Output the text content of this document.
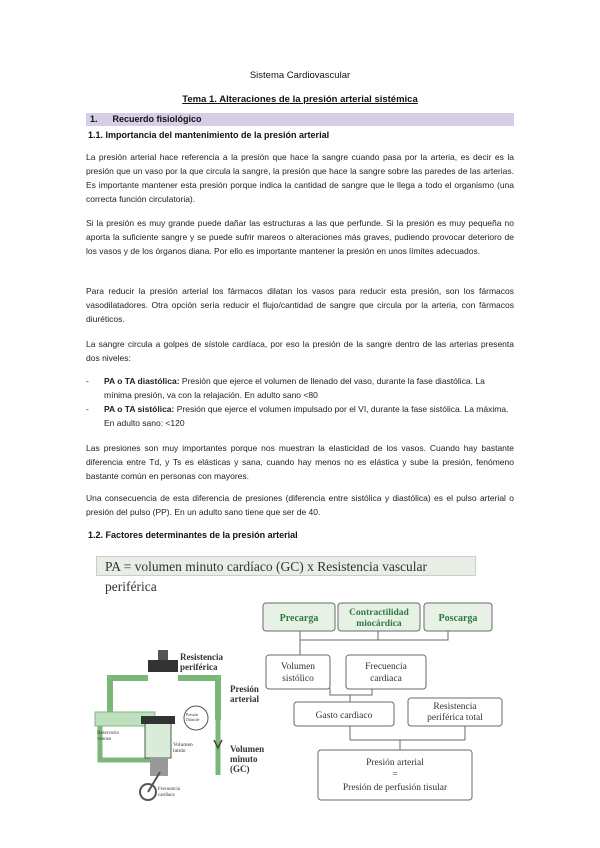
Sistema Cardiovascular
Tema 1. Alteraciones de la presión arterial sistémica
1. Recuerdo fisiológico
1.1. Importancia del mantenimiento de la presión arterial
La presión arterial hace referencia a la presión que hace la sangre cuando pasa por la arteria, es decir es la presión que un vaso por la que circula la sangre, la presión que hace la sangre sobre las paredes de las arterias. Es importante mantener esta presión porque indica la cantidad de sangre que le llega a todo el organismo (una correcta función circulatoria).
Si la presión es muy grande puede dañar las estructuras a las que perfunde. Si la presión es muy pequeña no aporta la suficiente sangre y se puede sufrir mareos o alteraciones más graves, pudiendo provocar deterioro de los vasos y de los órganos diana. Por ello es importante mantener la presión en unos límites adecuados.
Para reducir la presión arterial los fármacos dilatan los vasos para reducir esta presión, son los fármacos vasodilatadores. Otra opción sería reducir el flujo/cantidad de sangre que circula por la arteria, con fármacos diuréticos.
La sangre circula a golpes de sístole cardíaca, por eso la presión de la sangre dentro de las arterias presenta dos niveles:
- PA o TA diastólica: Presión que ejerce el volumen de llenado del vaso, durante la fase diastólica. La mínima presión, va con la relajación. En adulto sano <80
- PA o TA sistólica: Presión que ejerce el volumen impulsado por el VI, durante la fase sistólica. La máxima. En adulto sano: <120
Las presiones son muy importantes porque nos muestran la elasticidad de los vasos. Cuando hay bastante diferencia entre Td, y Ts es elásticas y sana, cuando hay menos no es elástica y sube la presión, fenómeno bastante común en personas con mayores.
Una consecuencia de esta diferencia de presiones (diferencia entre sistólica y diastólica) es el pulso arterial o presión del pulso (PP). En un adulto sano tiene que ser de 40.
1.2. Factores determinantes de la presión arterial
PA = volumen minuto cardíaco (GC) x Resistencia vascular periférica
Resistencia
periférica
Presión
arterial
Volumen
minuto
(GC)
Reservorio
venoso
Volumen
latido
Frecuencia
cardiaca
Presión
Diástole
Precarga	Contractilidad
miocárdica	Poscarga
Volumen
sistólico
Frecuencia
cardiaca
Gasto cardiaco
Resistencia
periférica total
Presión arterial
=
Presión de perfusión tisular
